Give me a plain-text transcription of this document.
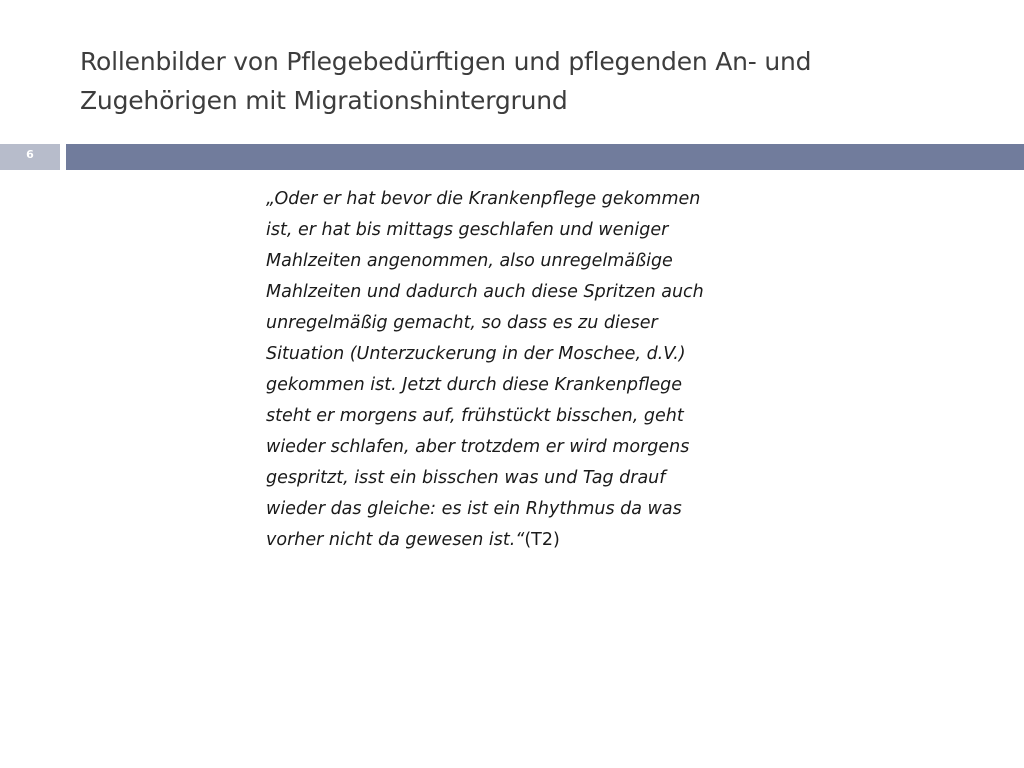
Rollenbilder von Pflegebedürftigen und pflegenden An- und
Zugehörigen mit Migrationshintergrund
6
„Oder er hat bevor die Krankenpflege gekommen
ist, er hat bis mittags geschlafen und weniger
Mahlzeiten angenommen, also unregelmäßige
Mahlzeiten und dadurch auch diese Spritzen auch
unregelmäßig gemacht, so dass es zu dieser
Situation (Unterzuckerung in der Moschee, d.V.)
gekommen ist. Jetzt durch diese Krankenpflege
steht er morgens auf, frühstückt bisschen, geht
wieder schlafen, aber trotzdem er wird morgens
gespritzt, isst ein bisschen was und Tag drauf
wieder das gleiche: es ist ein Rhythmus da was
vorher nicht da gewesen ist.“(T2)
